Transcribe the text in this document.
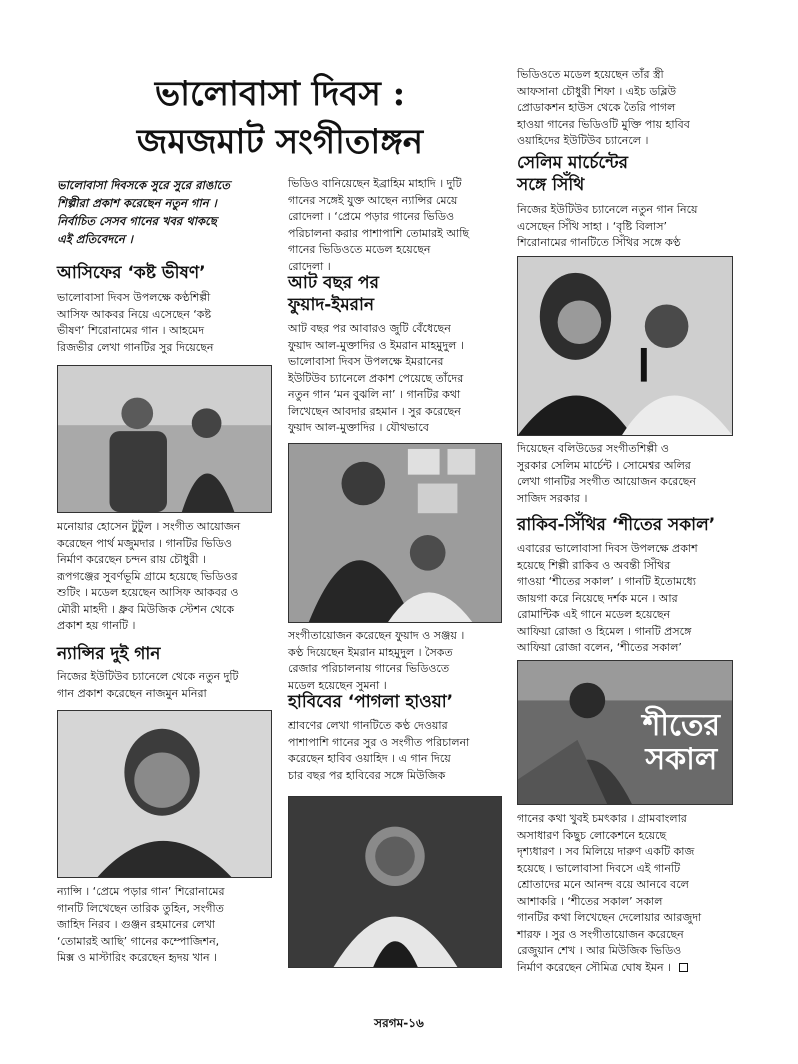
ভালোবাসা দিবস :
জমজমাট সংগীতাঙ্গন
ভালোবাসা দিবসকে সুরে সুরে রাঙাতে
শিল্পীরা প্রকাশ করেছেন নতুন গান ।
নির্বাচিত সেসব গানের খবর থাকছে
এই প্রতিবেদনে ।
আসিফের ‘কষ্ট ভীষণ’
ভালোবাসা দিবস উপলক্ষে কণ্ঠশিল্পী
আসিফ আকবর নিয়ে এসেছেন ‘কষ্ট
ভীষণ’ শিরোনামের গান । আহমেদ
রিজভীর লেখা গানটির সুর দিয়েছেন
মনোয়ার হোসেন টুটুল । সংগীত আয়োজন
করেছেন পার্থ মজুমদার । গানটির ভিডিও
নির্মাণ করেছেন চন্দন রায় চৌধুরী ।
রূপগঞ্জের সুবর্ণভূমি গ্রামে হয়েছে ভিডিওর
শুটিং । মডেল হয়েছেন আসিফ আকবর ও
মৌরী মাহদী । ধ্রুব মিউজিক স্টেশন থেকে
প্রকাশ হয় গানটি ।
ন্যান্সির দুই গান
নিজের ইউটিউব চ্যানেলে থেকে নতুন দুটি
গান প্রকাশ করেছেন নাজমুন মনিরা
ন্যান্সি । ‘প্রেমে পড়ার গান’ শিরোনামের
গানটি লিখেছেন তারিক তুহিন, সংগীত
জাহিদ নিরব । গুঞ্জন রহমানের লেখা
‘তোমারই আছি’ গানের কম্পোজিশন,
মিক্স ও মাস্টারিং করেছেন হৃদয় খান ।
ভিডিও বানিয়েছেন ইব্রাহিম মাহাদি । দুটি
গানের সঙ্গেই যুক্ত আছেন ন্যান্সির মেয়ে
রোদেলা । ‘প্রেমে পড়ার গানের ভিডিও
পরিচালনা করার পাশাপাশি তোমারই আছি
গানের ভিডিওতে মডেল হয়েছেন
রোদেলা ।
আট বছর পর
ফুয়াদ-ইমরান
আট বছর পর আবারও জুটি বেঁধেছেন
ফুয়াদ আল-মুক্তাদির ও ইমরান মাহমুদুল ।
ভালোবাসা দিবস উপলক্ষে ইমরানের
ইউটিউব চ্যানেলে প্রকাশ পেয়েছে তাঁদের
নতুন গান ‘মন বুঝলি না’ । গানটির কথা
লিখেছেন আবদার রহমান । সুর করেছেন
ফুয়াদ আল-মুক্তাদির । যৌথভাবে
সংগীতায়োজন করেছেন ফুয়াদ ও সঞ্জয় ।
কণ্ঠ দিয়েছেন ইমরান মাহমুদুল । সৈকত
রেজার পরিচালনায় গানের ভিডিওতে
মডেল হয়েছেন সুমনা ।
হাবিবের ‘পাগলা হাওয়া’
শ্রাবণের লেখা গানটিতে কণ্ঠ দেওয়ার
পাশাপাশি গানের সুর ও সংগীত পরিচালনা
করেছেন হাবিব ওয়াহিদ । এ গান দিয়ে
চার বছর পর হাবিবের সঙ্গে মিউজিক
ভিডিওতে মডেল হয়েছেন তাঁর স্ত্রী
আফসানা চৌধুরী শিফা । এইচ ডব্লিউ
প্রোডাকশন হাউস থেকে তৈরি পাগল
হাওয়া গানের ভিডিওটি মুক্তি পায় হাবিব
ওয়াহিদের ইউটিউব চ্যানেলে ।
সেলিম মার্চেন্টের
সঙ্গে সিঁথি
নিজের ইউটিউব চ্যানেলে নতুন গান নিয়ে
এসেছেন সিঁথি সাহা । ‘বৃষ্টি বিলাস’
শিরোনামের গানটিতে সিঁথির সঙ্গে কণ্ঠ
দিয়েছেন বলিউডের সংগীতশিল্পী ও
সুরকার সেলিম মার্চেন্ট । সোমেশ্বর অলির
লেখা গানটির সংগীত আয়োজন করেছেন
সাজিদ সরকার ।
রাকিব-সিঁথির ‘শীতের সকাল’
এবারের ভালোবাসা দিবস উপলক্ষে প্রকাশ
হয়েছে শিল্পী রাকিব ও অবন্তী সিঁথির
গাওয়া ‘শীতের সকাল’ । গানটি ইতোমধ্যে
জায়গা করে নিয়েছে দর্শক মনে । আর
রোমান্টিক এই গানে মডেল হয়েছেন
আফিয়া রোজা ও হিমেল । গানটি প্রসঙ্গে
আফিয়া রোজা বলেন, ‘শীতের সকাল’
শীতের
সকাল
গানের কথা খুবই চমৎকার । গ্রামবাংলার
অসাধারণ কিছুচ লোকেশনে হয়েছে
দৃশ্যধারণ । সব মিলিয়ে দারুণ একটি কাজ
হয়েছে । ভালোবাসা দিবসে এই গানটি
শ্রোতাদের মনে আনন্দ বয়ে আনবে বলে
আশাকরি । ‘শীতের সকাল’ সকাল
গানটির কথা লিখেছেন দেলোয়ার আরজুদা
শারফ । সুর ও সংগীতায়োজন করেছেন
রেজুয়ান শেখ । আর মিউজিক ভিডিও
নির্মাণ করেছেন সৌমিত্র ঘোষ ইমন ।
সরগম-১৬
